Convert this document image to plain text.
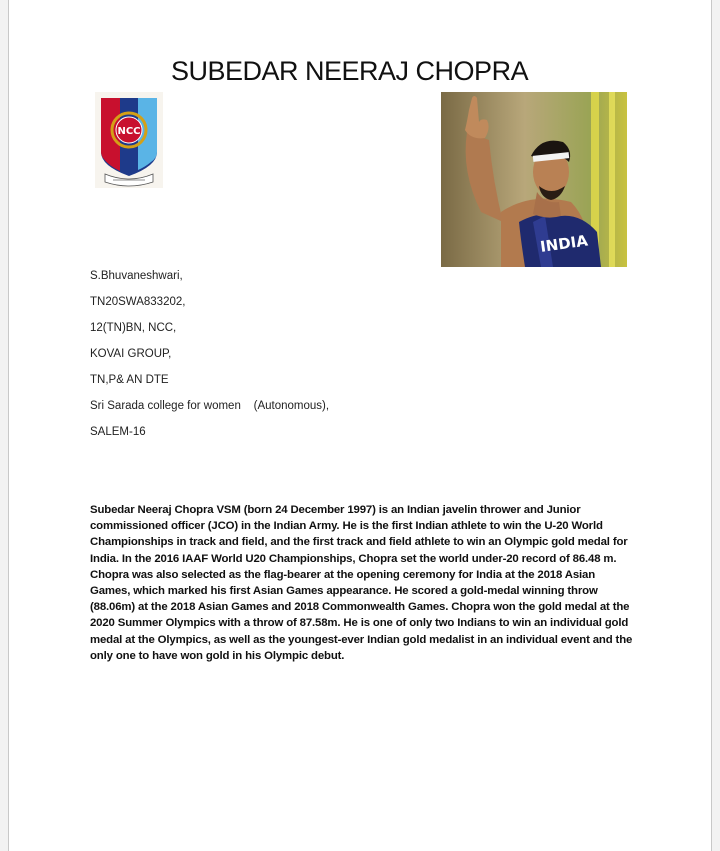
SUBEDAR NEERAJ CHOPRA
NCC
INDIA
S.Bhuvaneshwari,
TN20SWA833202,
12(TN)BN, NCC,
KOVAI GROUP,
TN,P& AN DTE
Sri Sarada college for women    (Autonomous),
SALEM-16
Subedar Neeraj Chopra VSM (born 24 December 1997) is an Indian javelin thrower and Junior commissioned officer (JCO) in the Indian Army. He is the first Indian athlete to win the U-20 World Championships in track and field, and the first track and field athlete to win an Olympic gold medal for India. In the 2016 IAAF World U20 Championships, Chopra set the world under-20 record of 86.48 m. Chopra was also selected as the flag-bearer at the opening ceremony for India at the 2018 Asian Games, which marked his first Asian Games appearance. He scored a gold-medal winning throw (88.06m) at the 2018 Asian Games and 2018 Commonwealth Games. Chopra won the gold medal at the 2020 Summer Olympics with a throw of 87.58m. He is one of only two Indians to win an individual gold medal at the Olympics, as well as the youngest-ever Indian gold medalist in an individual event and the only one to have won gold in his Olympic debut.
